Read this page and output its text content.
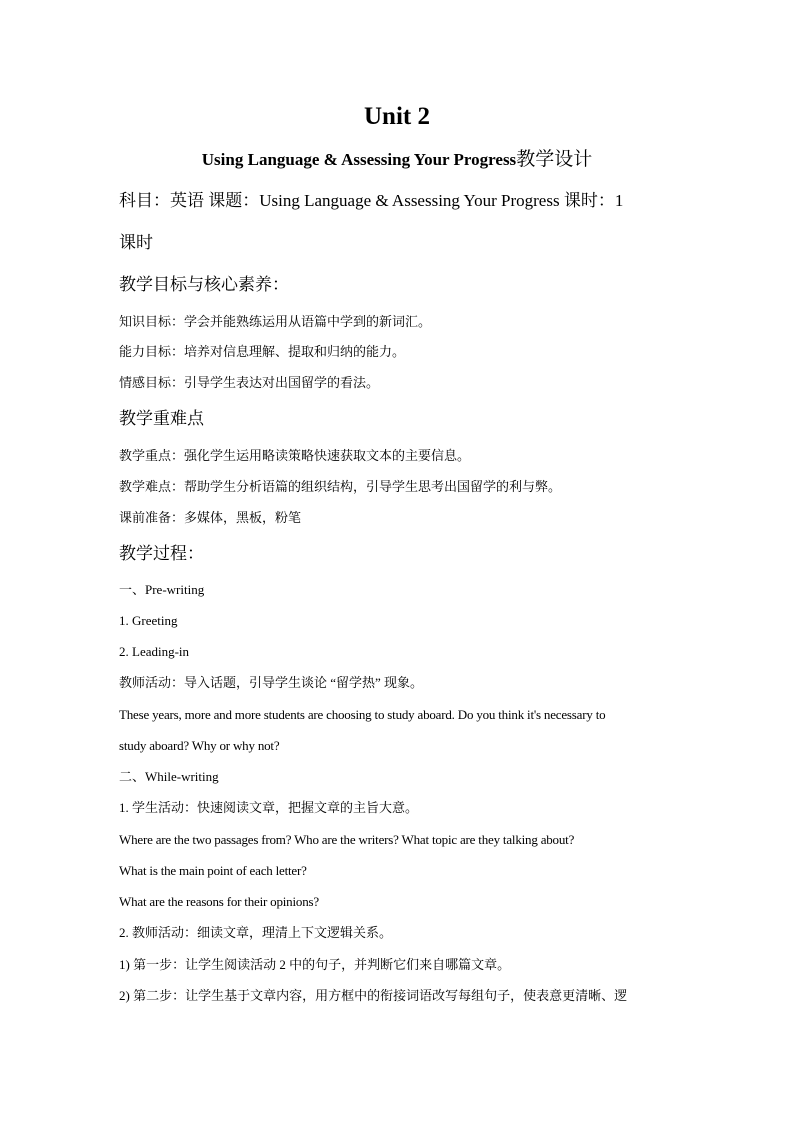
Unit 2
Using Language & Assessing Your Progress教学设计
科目：英语 课题：Using Language & Assessing Your Progress 课时：1
课时
教学目标与核心素养：
知识目标：学会并能熟练运用从语篇中学到的新词汇。
能力目标：培养对信息理解、提取和归纳的能力。
情感目标：引导学生表达对出国留学的看法。
教学重难点
教学重点：强化学生运用略读策略快速获取文本的主要信息。
教学难点：帮助学生分析语篇的组织结构，引导学生思考出国留学的利与弊。
课前准备：多媒体，黑板，粉笔
教学过程：
一、Pre-writing
1. Greeting
2. Leading-in
教师活动：导入话题，引导学生谈论 “留学热” 现象。
These years, more and more students are choosing to study aboard. Do you think it's necessary to
study aboard? Why or why not?
二、While-writing
1. 学生活动：快速阅读文章，把握文章的主旨大意。
Where are the two passages from? Who are the writers? What topic are they talking about?
What is the main point of each letter?
What are the reasons for their opinions?
2. 教师活动：细读文章，理清上下文逻辑关系。
1) 第一步：让学生阅读活动 2 中的句子，并判断它们来自哪篇文章。
2) 第二步：让学生基于文章内容，用方框中的衔接词语改写每组句子，使表意更清晰、逻
